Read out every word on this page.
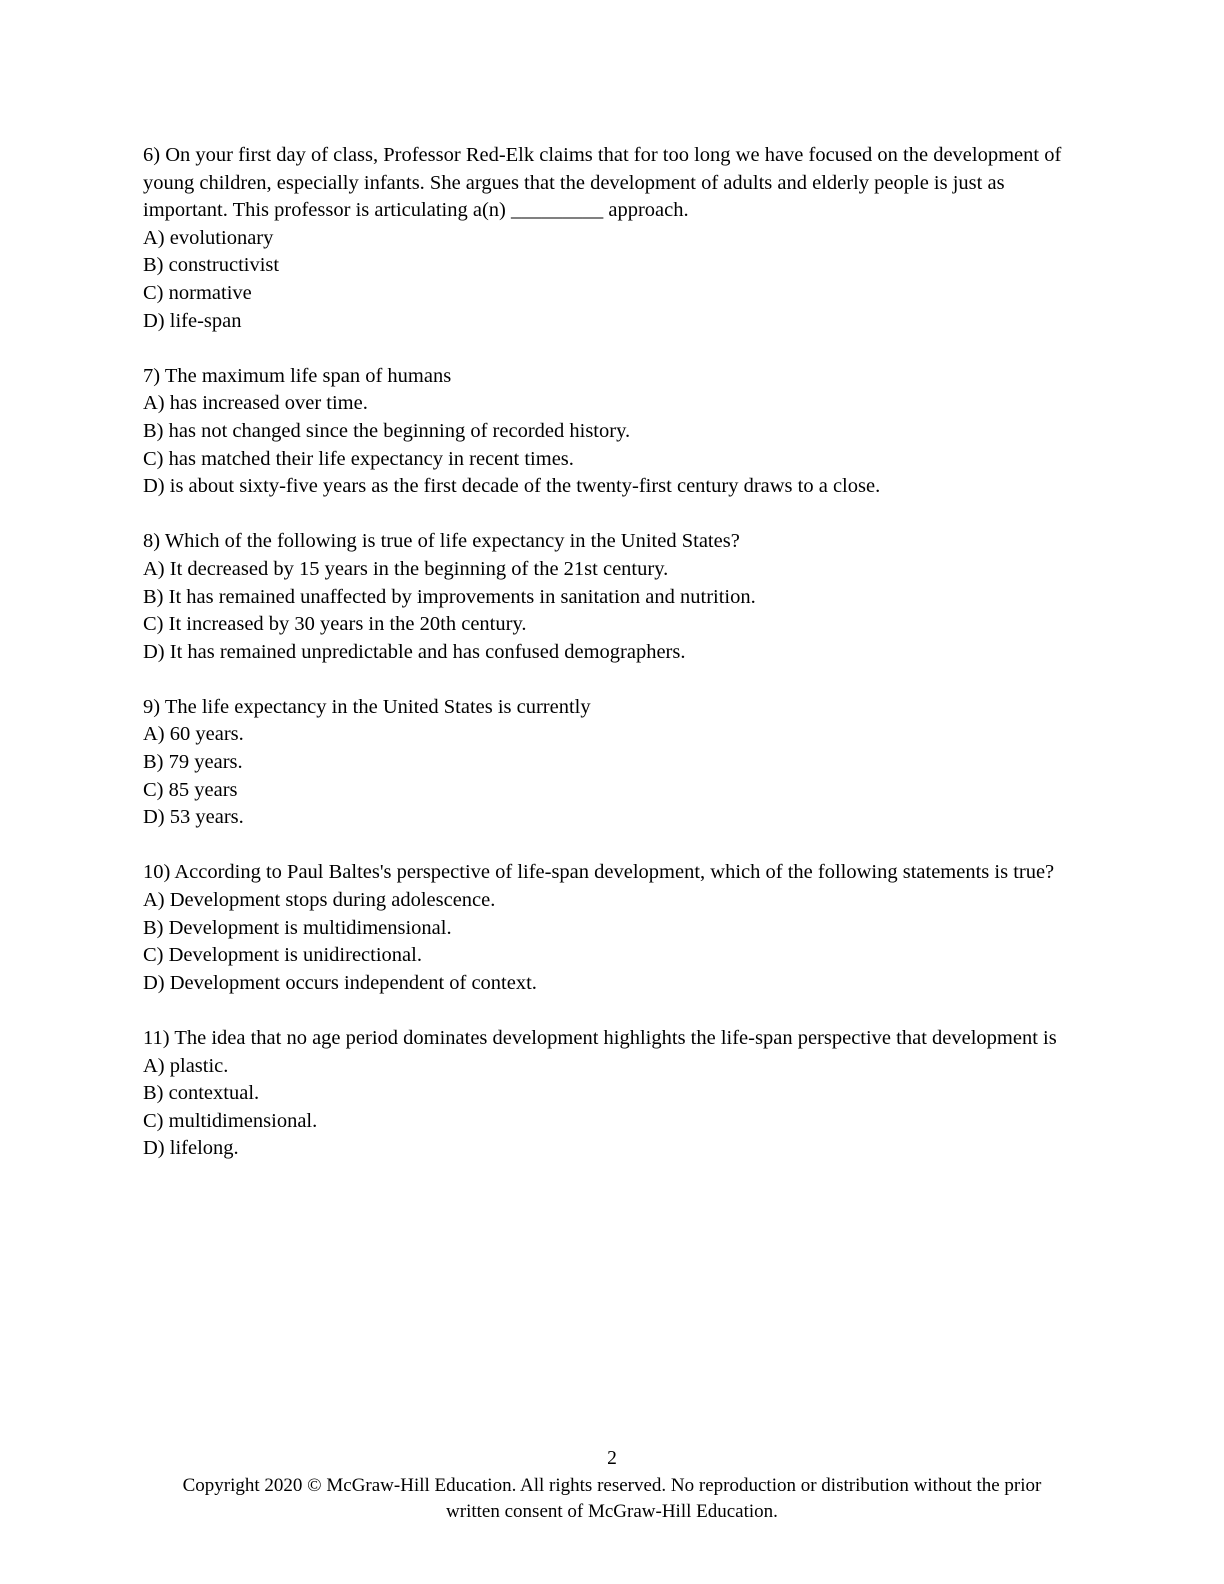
6) On your first day of class, Professor Red-Elk claims that for too long we have focused on the development of young children, especially infants. She argues that the development of adults and elderly people is just as important. This professor is articulating a(n) _________ approach.
A) evolutionary
B) constructivist
C) normative
D) life-span
7) The maximum life span of humans
A) has increased over time.
B) has not changed since the beginning of recorded history.
C) has matched their life expectancy in recent times.
D) is about sixty-five years as the first decade of the twenty-first century draws to a close.
8) Which of the following is true of life expectancy in the United States?
A) It decreased by 15 years in the beginning of the 21st century.
B) It has remained unaffected by improvements in sanitation and nutrition.
C) It increased by 30 years in the 20th century.
D) It has remained unpredictable and has confused demographers.
9) The life expectancy in the United States is currently
A) 60 years.
B) 79 years.
C) 85 years
D) 53 years.
10) According to Paul Baltes's perspective of life-span development, which of the following statements is true?
A) Development stops during adolescence.
B) Development is multidimensional.
C) Development is unidirectional.
D) Development occurs independent of context.
11) The idea that no age period dominates development highlights the life-span perspective that development is
A) plastic.
B) contextual.
C) multidimensional.
D) lifelong.
2
Copyright 2020 © McGraw-Hill Education. All rights reserved. No reproduction or distribution without the prior
written consent of McGraw-Hill Education.
